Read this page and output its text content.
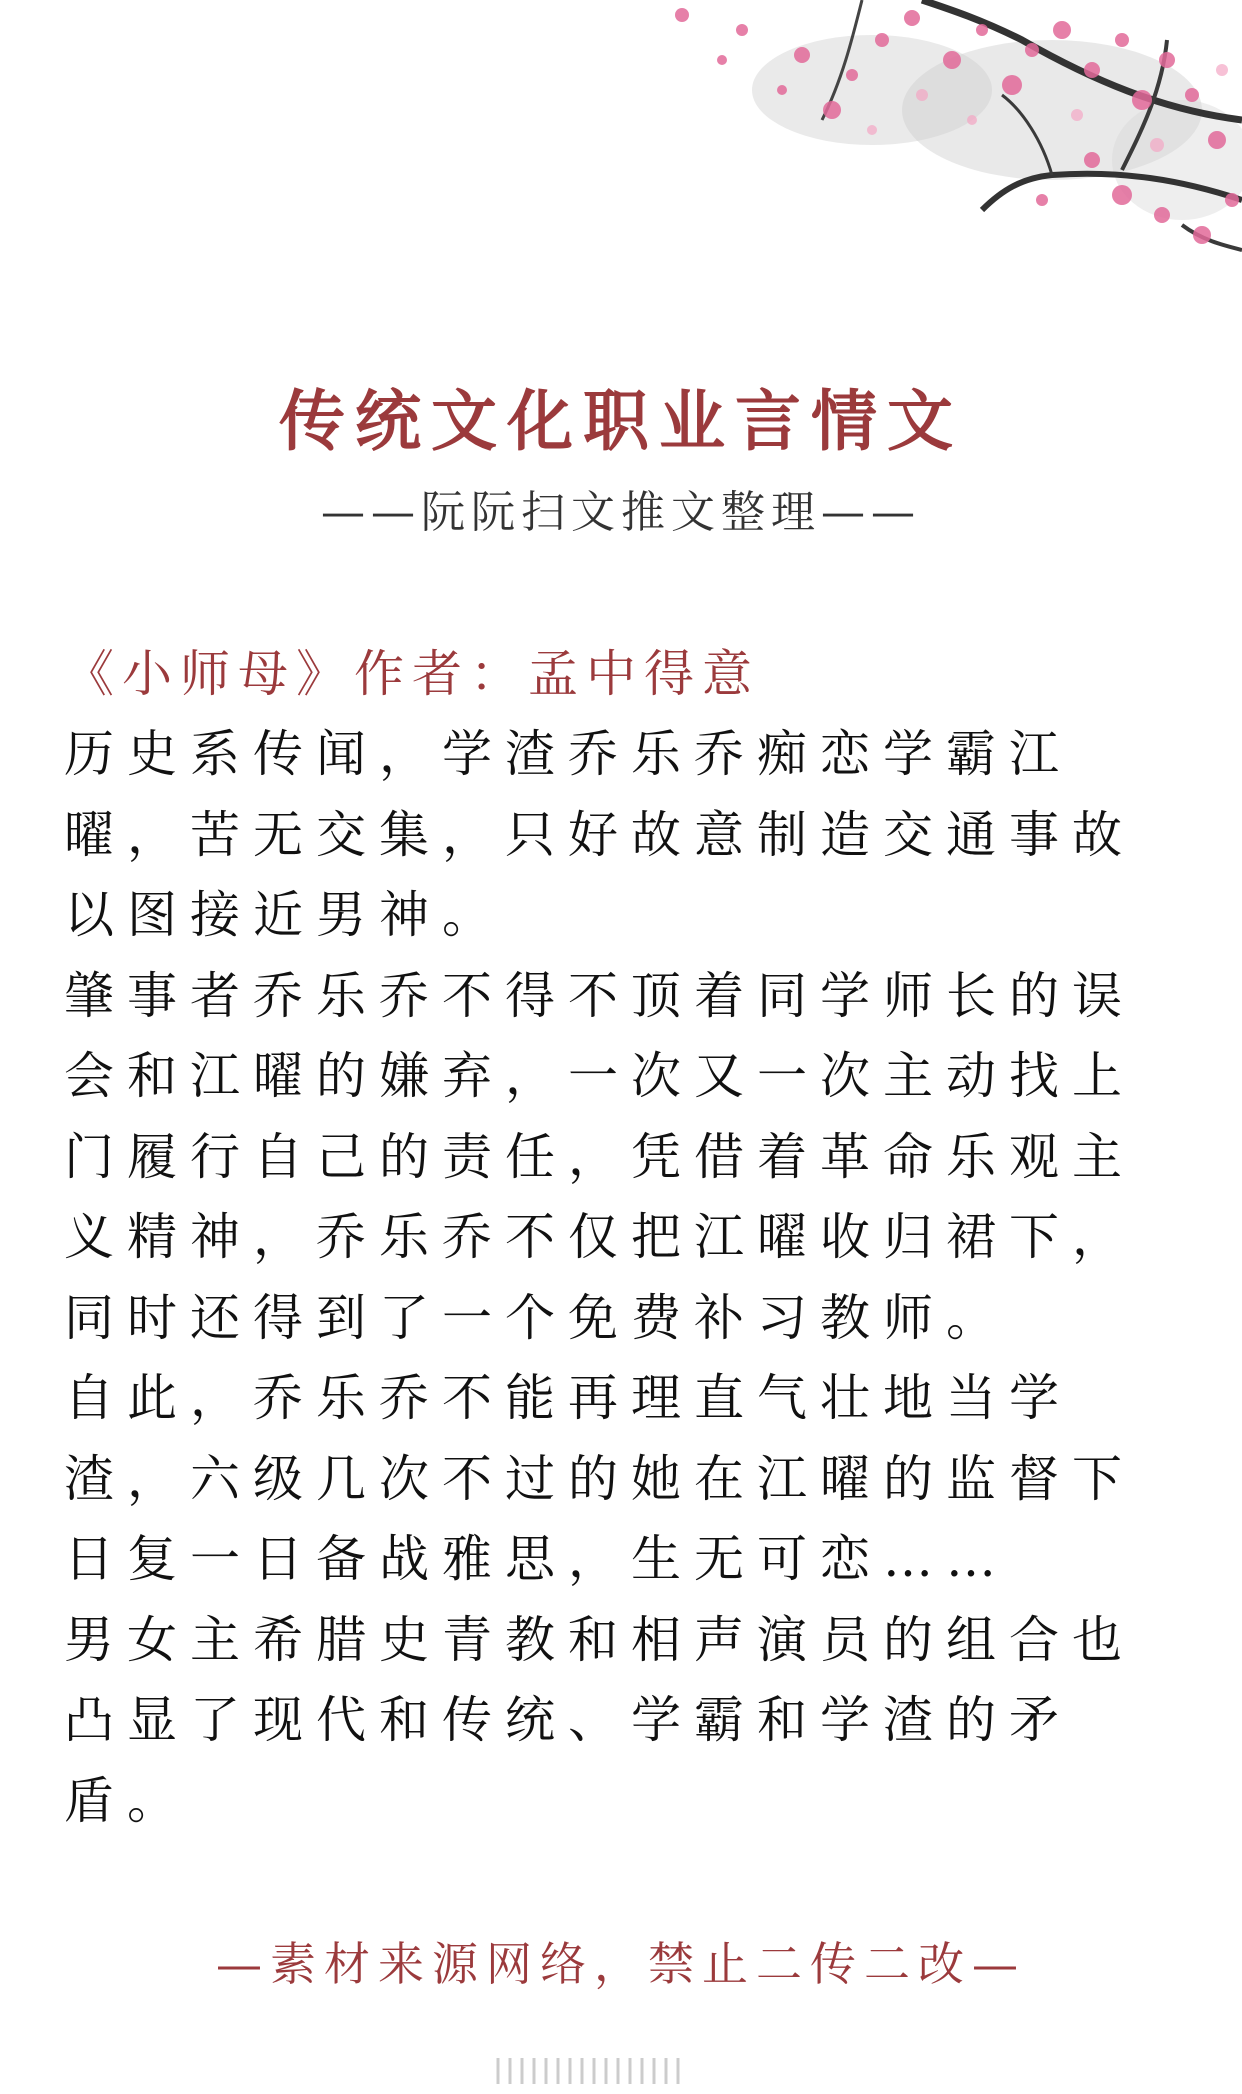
传统文化职业言情文
——阮阮扫文推文整理——

《小师母》作者：孟中得意

历史系传闻，学渣乔乐乔痴恋学霸江曜，苦无交集，只好故意制造交通事故以图接近男神。

肇事者乔乐乔不得不顶着同学师长的误会和江曜的嫌弃，一次又一次主动找上门履行自己的责任，凭借着革命乐观主义精神，乔乐乔不仅把江曜收归裙下，同时还得到了一个免费补习教师。

自此，乔乐乔不能再理直气壮地当学渣，六级几次不过的她在江曜的监督下日复一日备战雅思，生无可恋……

男女主希腊史青教和相声演员的组合也凸显了现代和传统、学霸和学渣的矛盾。

—素材来源网络，禁止二传二改—
